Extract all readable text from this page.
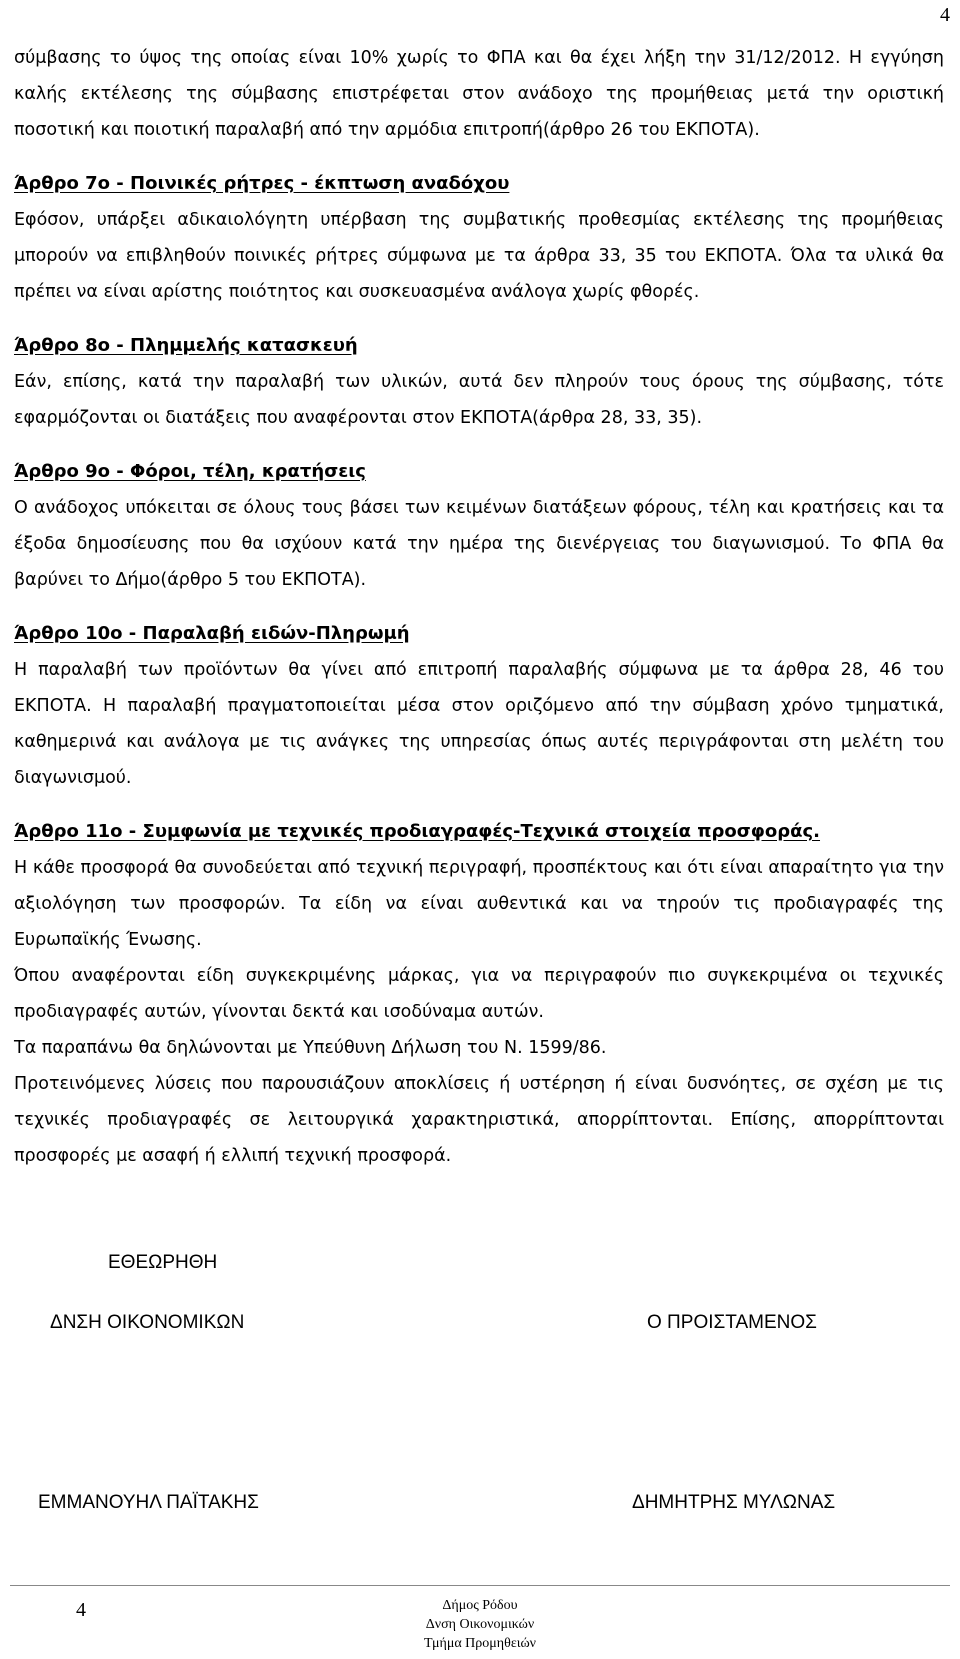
4

σύμβασης το ύψος της οποίας είναι 10% χωρίς το ΦΠΑ και θα έχει λήξη την 31/12/2012. Η εγγύηση καλής εκτέλεσης της σύμβασης επιστρέφεται στον ανάδοχο της προμήθειας μετά την οριστική ποσοτική και ποιοτική παραλαβή από την αρμόδια επιτροπή(άρθρο 26 του ΕΚΠΟΤΑ).

Άρθρο 7ο - Ποινικές ρήτρες - έκπτωση αναδόχου

Εφόσον, υπάρξει αδικαιολόγητη υπέρβαση της συμβατικής προθεσμίας εκτέλεσης της προμήθειας μπορούν να επιβληθούν ποινικές ρήτρες σύμφωνα με τα άρθρα 33, 35 του ΕΚΠΟΤΑ. Όλα τα υλικά θα πρέπει να είναι αρίστης ποιότητος και συσκευασμένα ανάλογα χωρίς φθορές.

Άρθρο 8ο - Πλημμελής κατασκευή

Εάν, επίσης, κατά την παραλαβή των υλικών, αυτά δεν πληρούν τους όρους της σύμβασης, τότε εφαρμόζονται οι διατάξεις που αναφέρονται στον ΕΚΠΟΤΑ(άρθρα 28, 33, 35).

Άρθρο 9ο - Φόροι, τέλη, κρατήσεις

Ο ανάδοχος υπόκειται σε όλους τους βάσει των κειμένων διατάξεων φόρους, τέλη και κρατήσεις και τα έξοδα δημοσίευσης που θα ισχύουν κατά την ημέρα της διενέργειας του διαγωνισμού. Το ΦΠΑ θα βαρύνει το Δήμο(άρθρο 5 του ΕΚΠΟΤΑ).

Άρθρο 10ο - Παραλαβή ειδών-Πληρωμή

Η παραλαβή των προϊόντων θα γίνει από επιτροπή παραλαβής σύμφωνα με τα άρθρα 28, 46 του ΕΚΠΟΤΑ. Η παραλαβή πραγματοποιείται μέσα στον οριζόμενο από την σύμβαση χρόνο τμηματικά, καθημερινά και ανάλογα με τις ανάγκες της υπηρεσίας όπως αυτές περιγράφονται στη μελέτη του διαγωνισμού.

Άρθρο 11ο - Συμφωνία με τεχνικές προδιαγραφές-Τεχνικά στοιχεία προσφοράς.

Η κάθε προσφορά θα συνοδεύεται από τεχνική περιγραφή, προσπέκτους και ότι είναι απαραίτητο για την αξιολόγηση των προσφορών. Τα είδη να είναι αυθεντικά και να τηρούν τις προδιαγραφές της Ευρωπαϊκής Ένωσης.

Όπου αναφέρονται είδη συγκεκριμένης μάρκας, για να περιγραφούν πιο συγκεκριμένα οι τεχνικές προδιαγραφές αυτών, γίνονται δεκτά και ισοδύναμα αυτών.

Τα παραπάνω θα δηλώνονται με Υπεύθυνη Δήλωση του Ν. 1599/86.

Προτεινόμενες λύσεις που παρουσιάζουν αποκλίσεις ή υστέρηση ή είναι δυσνόητες, σε σχέση με τις τεχνικές προδιαγραφές σε λειτουργικά χαρακτηριστικά, απορρίπτονται. Επίσης, απορρίπτονται προσφορές με ασαφή ή ελλιπή τεχνική προσφορά.

ΕΘΕΩΡΗΘΗ
ΔΝΣΗ ΟΙΚΟΝΟΜΙΚΩΝ	Ο ΠΡΟΙΣΤΑΜΕΝΟΣ
ΕΜΜΑΝΟΥΗΛ ΠΑΪΤΑΚΗΣ	ΔΗΜΗΤΡΗΣ ΜΥΛΩΝΑΣ
4	Δήμος Ρόδου
Δνση Οικονομικών
Τμήμα Προμηθειών
